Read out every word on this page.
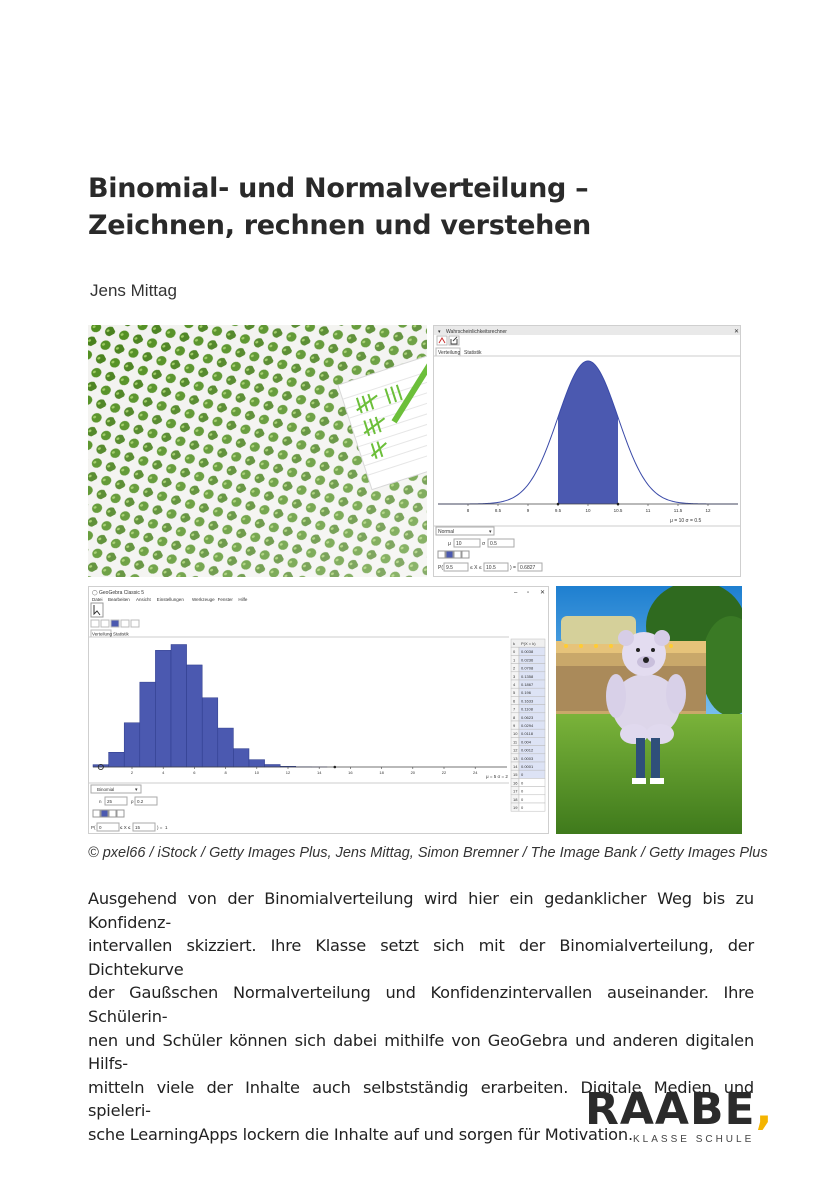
Binomial- und Normalverteilung –
Zeichnen, rechnen und verstehen
Jens Mittag
▾ Wahrscheinlichkeitsrechner	✕
Verteilung Statistik
8	8.5	9	9.5	10	10.5	11	11.5	12
μ = 10 σ = 0.5
Normal	▾
μ 10	σ 0.5
P( 9.5	≤ X ≤ 10.5	) = 0.6827
◯ GeoGebra Classic 5	– ▫ ✕
Datei Bearbeiten Ansicht Einstellungen Werkzeuge Fenster Hilfe
Verteilung Statistik
2	4	6	8	10	12	14	16	18	20	22	24
μ = 5 σ = 2
k P(X = k)
0 0.0038
1 0.0236
2 0.0708
3 0.1358
4 0.1867
5 0.196
6 0.1633
7 0.1108
8 0.0623
9 0.0294
10 0.0118
11 0.004
12 0.0012
13 0.0003
14 0.0001
15 0
16 0
17 0
18 0
19 0
Binomial	▾
n 25	p 0.2
P( 0	≤ X ≤ 15	) = 1
© pxel66 / iStock / Getty Images Plus, Jens Mittag, Simon Bremner / The Image Bank / Getty Images Plus
Ausgehend von der Binomialverteilung wird hier ein gedanklicher Weg bis zu Konfidenz-
intervallen skizziert. Ihre Klasse setzt sich mit der Binomialverteilung, der Dichtekurve
der Gaußschen Normalverteilung und Konfidenzintervallen auseinander. Ihre Schülerin-
nen und Schüler können sich dabei mithilfe von GeoGebra und anderen digitalen Hilfs-
mitteln viele der Inhalte auch selbstständig erarbeiten. Digitale Medien und spieleri-
sche LearningApps lockern die Inhalte auf und sorgen für Motivation.
RAABE,
KLASSE SCHULE
